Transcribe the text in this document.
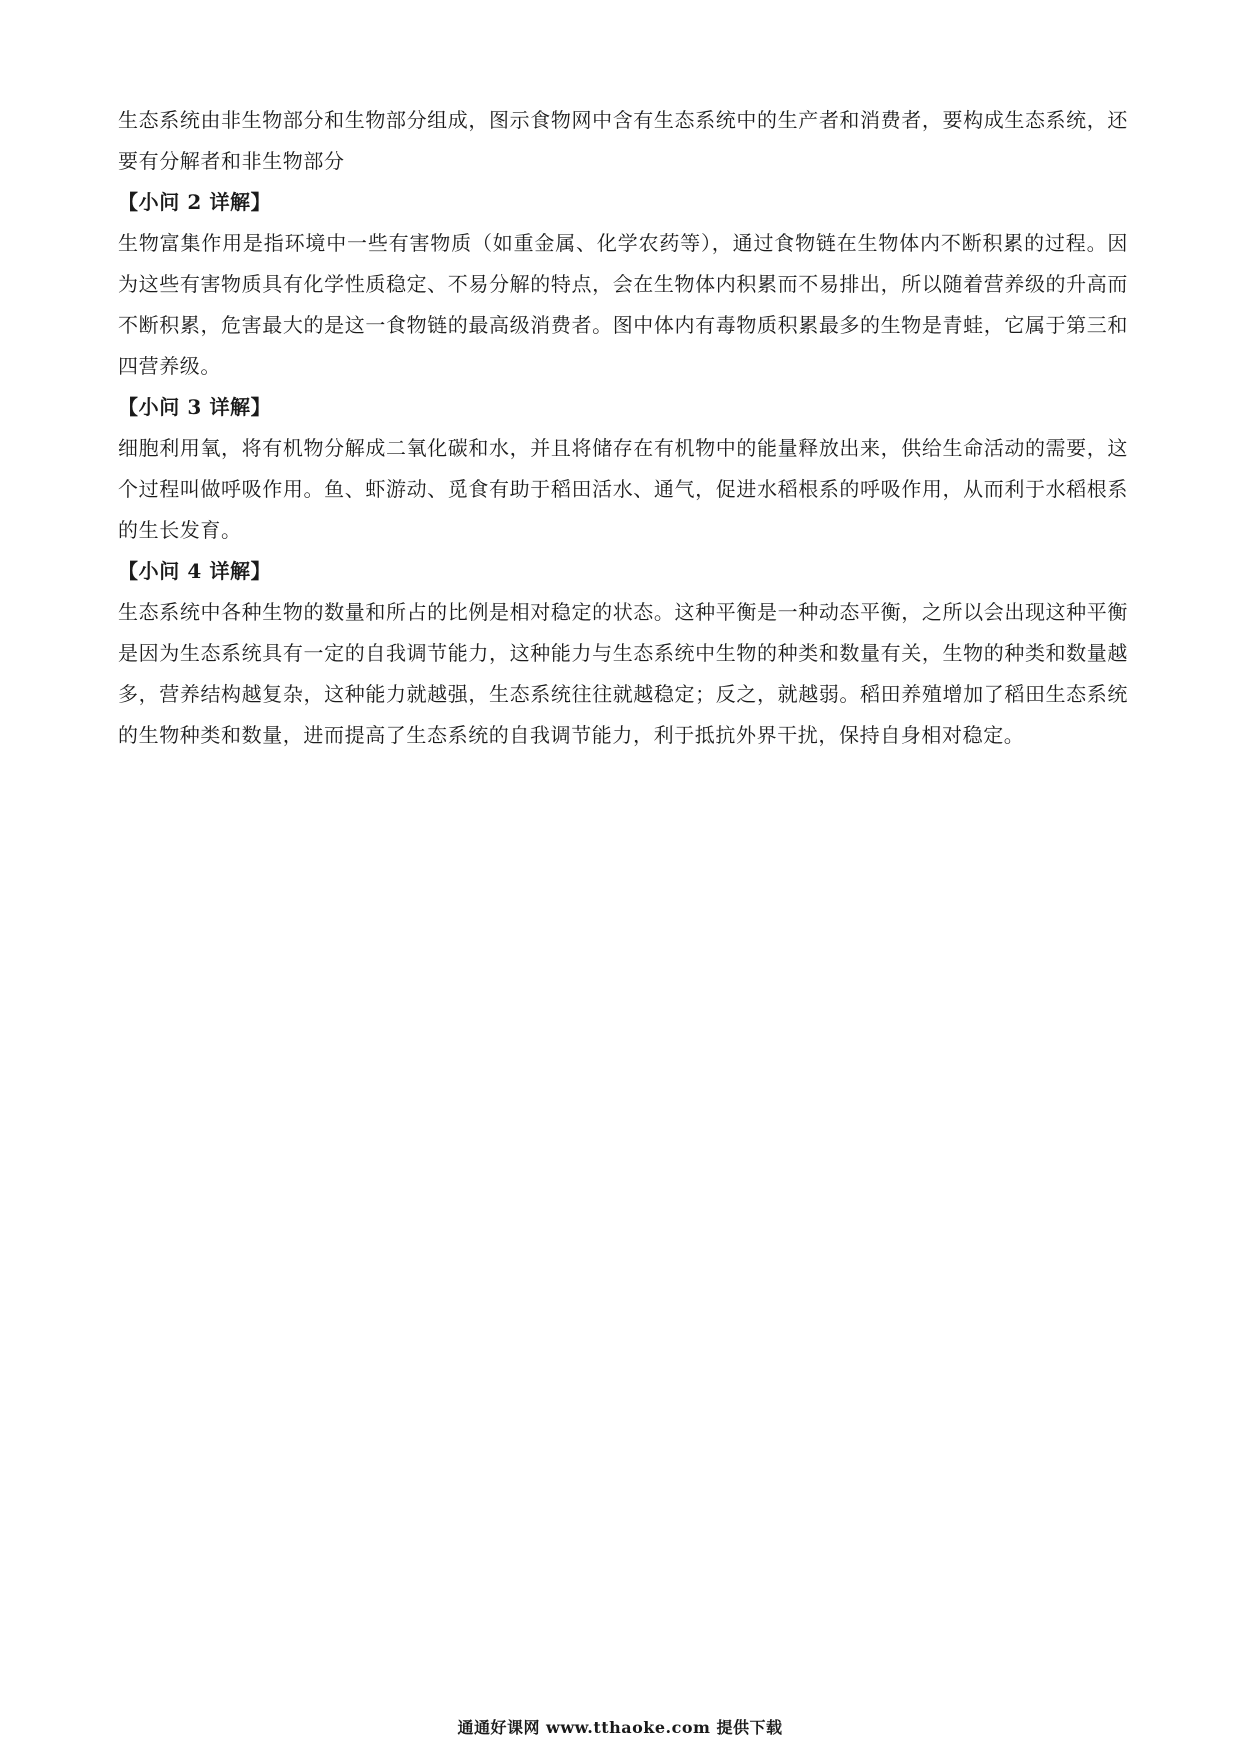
生态系统由非生物部分和生物部分组成，图示食物网中含有生态系统中的生产者和消费者，要构成生态系统，还要有分解者和非生物部分

【小问 2 详解】

生物富集作用是指环境中一些有害物质（如重金属、化学农药等），通过食物链在生物体内不断积累的过程。因为这些有害物质具有化学性质稳定、不易分解的特点，会在生物体内积累而不易排出，所以随着营养级的升高而不断积累，危害最大的是这一食物链的最高级消费者。图中体内有毒物质积累最多的生物是青蛙，它属于第三和四营养级。

【小问 3 详解】

细胞利用氧，将有机物分解成二氧化碳和水，并且将储存在有机物中的能量释放出来，供给生命活动的需要，这个过程叫做呼吸作用。鱼、虾游动、觅食有助于稻田活水、通气，促进水稻根系的呼吸作用，从而利于水稻根系的生长发育。

【小问 4 详解】

生态系统中各种生物的数量和所占的比例是相对稳定的状态。这种平衡是一种动态平衡，之所以会出现这种平衡是因为生态系统具有一定的自我调节能力，这种能力与生态系统中生物的种类和数量有关，生物的种类和数量越多，营养结构越复杂，这种能力就越强，生态系统往往就越稳定；反之，就越弱。稻田养殖增加了稻田生态系统的生物种类和数量，进而提高了生态系统的自我调节能力，利于抵抗外界干扰，保持自身相对稳定。

通通好课网 www.tthaoke.com 提供下载
